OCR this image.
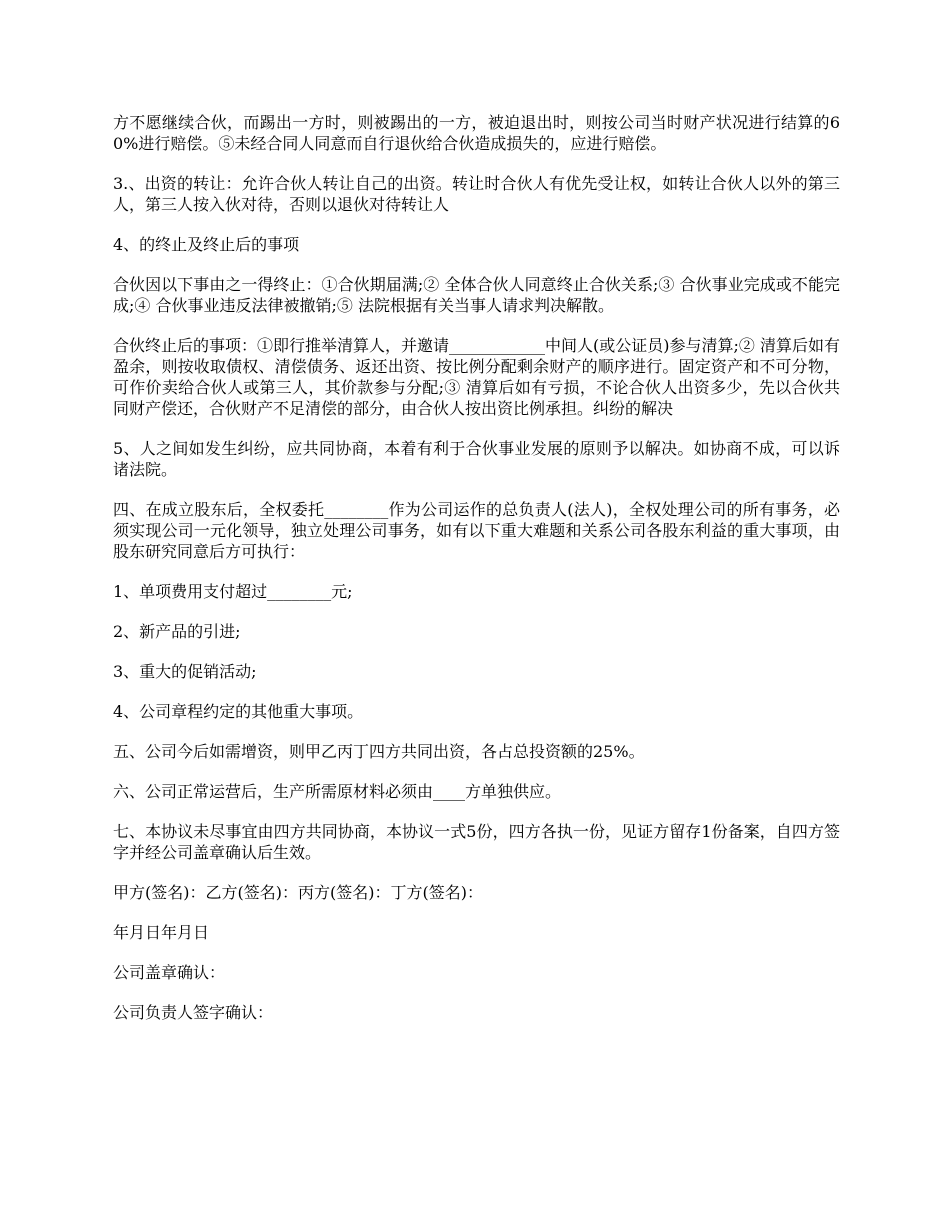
方不愿继续合伙，而踢出一方时，则被踢出的一方，被迫退出时，则按公司当时财产状况进行结算的60%进行赔偿。⑤未经合同人同意而自行退伙给合伙造成损失的，应进行赔偿。

3.、出资的转让：允许合伙人转让自己的出资。转让时合伙人有优先受让权，如转让合伙人以外的第三人，第三人按入伙对待，否则以退伙对待转让人

4、的终止及终止后的事项

合伙因以下事由之一得终止：①合伙期届满;② 全体合伙人同意终止合伙关系;③ 合伙事业完成或不能完成;④ 合伙事业违反法律被撤销;⑤ 法院根据有关当事人请求判决解散。

合伙终止后的事项：①即行推举清算人，并邀请____________中间人(或公证员)参与清算;② 清算后如有盈余，则按收取债权、清偿债务、返还出资、按比例分配剩余财产的顺序进行。固定资产和不可分物，可作价卖给合伙人或第三人，其价款参与分配;③ 清算后如有亏损，不论合伙人出资多少，先以合伙共同财产偿还，合伙财产不足清偿的部分，由合伙人按出资比例承担。纠纷的解决

5、人之间如发生纠纷，应共同协商，本着有利于合伙事业发展的原则予以解决。如协商不成，可以诉诸法院。

四、在成立股东后，全权委托________作为公司运作的总负责人(法人)，全权处理公司的所有事务，必须实现公司一元化领导，独立处理公司事务，如有以下重大难题和关系公司各股东利益的重大事项，由股东研究同意后方可执行：

1、单项费用支付超过________元;

2、新产品的引进;

3、重大的促销活动;

4、公司章程约定的其他重大事项。

五、公司今后如需增资，则甲乙丙丁四方共同出资，各占总投资额的25%。

六、公司正常运营后，生产所需原材料必须由____方单独供应。

七、本协议未尽事宜由四方共同协商，本协议一式5份，四方各执一份，见证方留存1份备案，自四方签字并经公司盖章确认后生效。

甲方(签名)：乙方(签名)：丙方(签名)：丁方(签名)：

年月日年月日

公司盖章确认：

公司负责人签字确认：
